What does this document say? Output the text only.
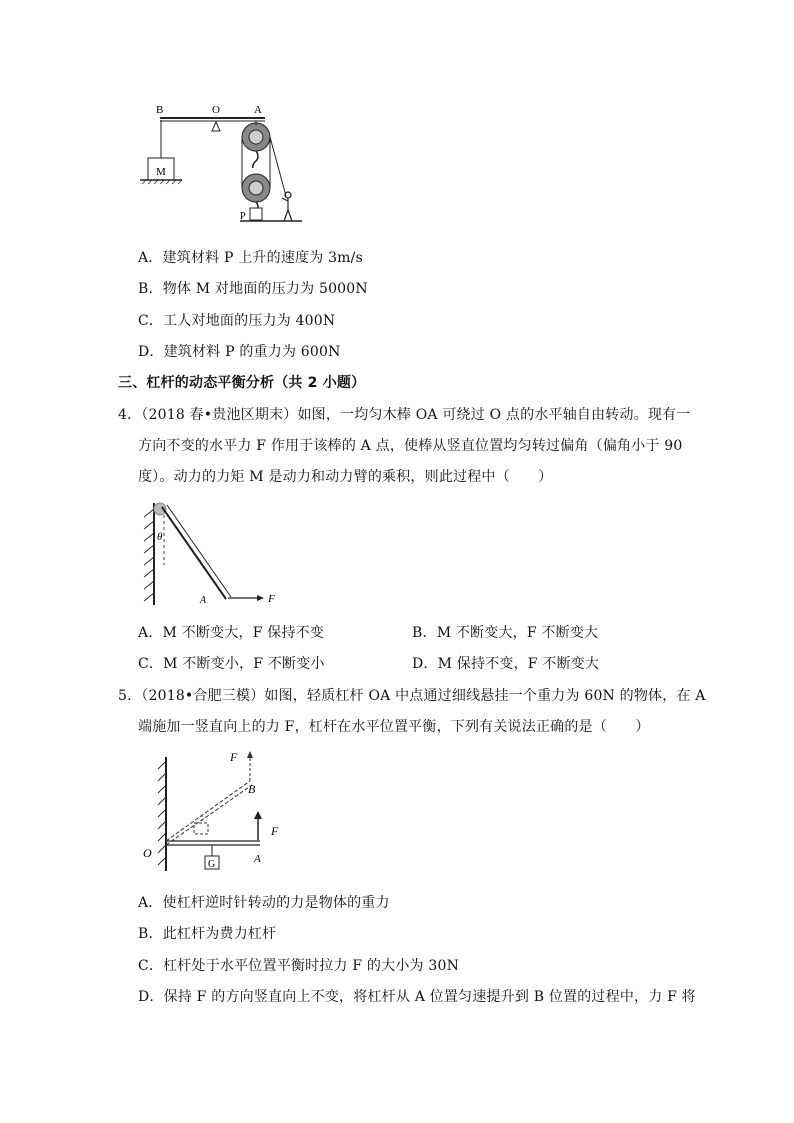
M
B	O	A
P
A．建筑材料 P 上升的速度为 3m/s
B．物体 M 对地面的压力为 5000N
C．工人对地面的压力为 400N
D．建筑材料 P 的重力为 600N
三、杠杆的动态平衡分析（共 2 小题）
4．（2018 春•贵池区期末）如图，一均匀木棒 OA 可绕过 O 点的水平轴自由转动。现有一
方向不变的水平力 F 作用于该棒的 A 点，使棒从竖直位置均匀转过偏角（偏角小于 90
度）。动力的力矩 M 是动力和动力臂的乘积，则此过程中（　　）
θ
A	F
A．M 不断变大，F 保持不变	B．M 不断变大，F 不断变大
C．M 不断变小，F 不断变小	D．M 保持不变，F 不断变大
5．（2018•合肥三模）如图，轻质杠杆 OA 中点通过细线悬挂一个重力为 60N 的物体，在 A
端施加一竖直向上的力 F，杠杆在水平位置平衡，下列有关说法正确的是（　　）
F
B
F
G
O	A
A．使杠杆逆时针转动的力是物体的重力
B．此杠杆为费力杠杆
C．杠杆处于水平位置平衡时拉力 F 的大小为 30N
D．保持 F 的方向竖直向上不变，将杠杆从 A 位置匀速提升到 B 位置的过程中，力 F 将
